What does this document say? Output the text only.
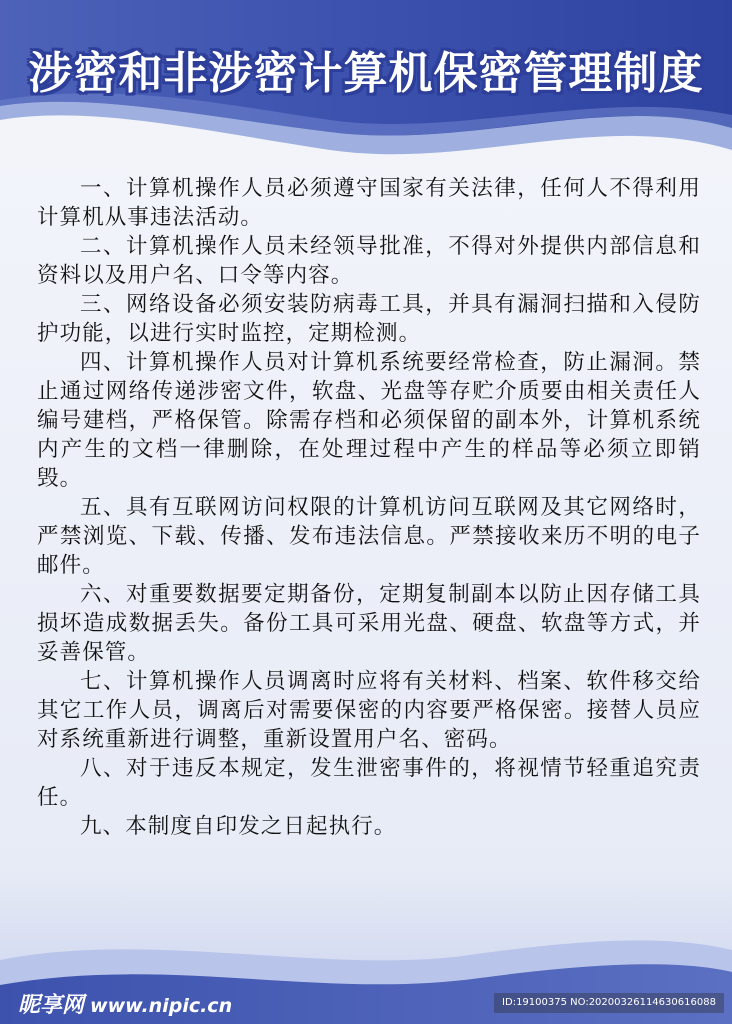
涉密和非涉密计算机保密管理制度

一、计算机操作人员必须遵守国家有关法律，任何人不得利用计算机从事违法活动。

二、计算机操作人员未经领导批准，不得对外提供内部信息和资料以及用户名、口令等内容。

三、网络设备必须安装防病毒工具，并具有漏洞扫描和入侵防护功能，以进行实时监控，定期检测。

四、计算机操作人员对计算机系统要经常检查，防止漏洞。禁止通过网络传递涉密文件，软盘、光盘等存贮介质要由相关责任人编号建档，严格保管。除需存档和必须保留的副本外，计算机系统内产生的文档一律删除，在处理过程中产生的样品等必须立即销毁。

五、具有互联网访问权限的计算机访问互联网及其它网络时，严禁浏览、下载、传播、发布违法信息。严禁接收来历不明的电子邮件。

六、对重要数据要定期备份，定期复制副本以防止因存储工具损坏造成数据丢失。备份工具可采用光盘、硬盘、软盘等方式，并妥善保管。

七、计算机操作人员调离时应将有关材料、档案、软件移交给其它工作人员，调离后对需要保密的内容要严格保密。接替人员应对系统重新进行调整，重新设置用户名、密码。

八、对于违反本规定，发生泄密事件的，将视情节轻重追究责任。

九、本制度自印发之日起执行。

昵享网 www.nipic.cn	ID:19100375 NO:20200326114630616088
